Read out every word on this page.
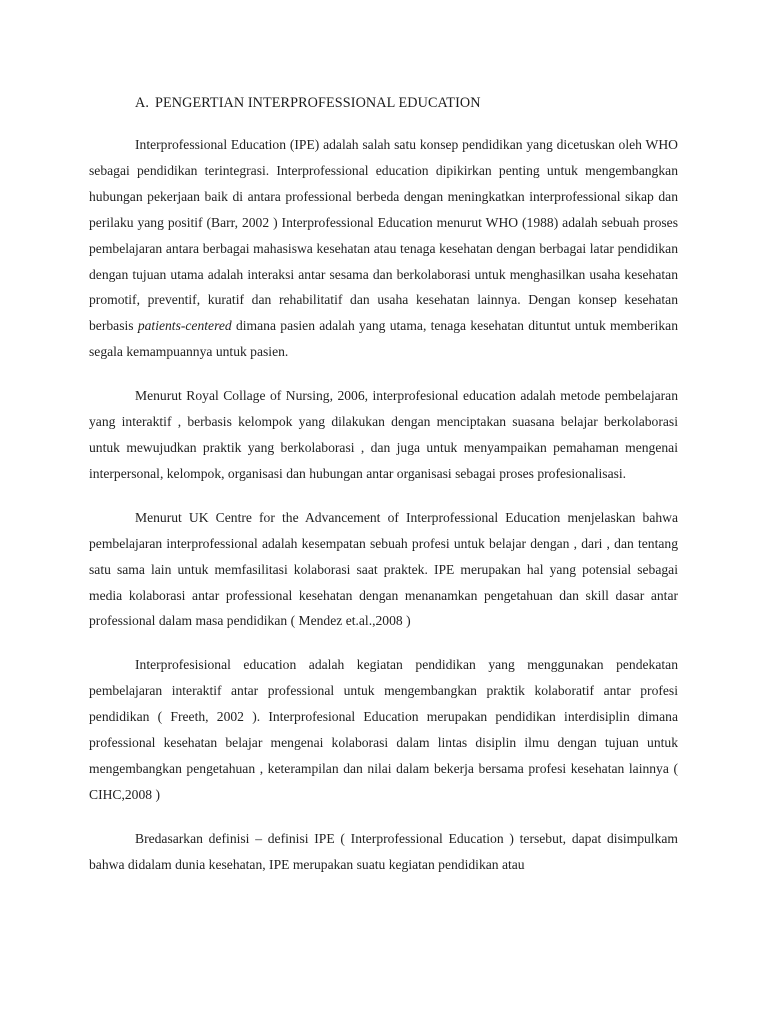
A. PENGERTIAN INTERPROFESSIONAL EDUCATION

Interprofessional Education (IPE) adalah salah satu konsep pendidikan yang dicetuskan oleh WHO sebagai pendidikan terintegrasi. Interprofessional education dipikirkan penting untuk mengembangkan hubungan pekerjaan baik di antara professional berbeda dengan meningkatkan interprofessional sikap dan perilaku yang positif (Barr, 2002 ) Interprofessional Education menurut WHO (1988) adalah sebuah proses pembelajaran antara berbagai mahasiswa kesehatan atau tenaga kesehatan dengan berbagai latar pendidikan dengan tujuan utama adalah interaksi antar sesama dan berkolaborasi untuk menghasilkan usaha kesehatan promotif, preventif, kuratif dan rehabilitatif dan usaha kesehatan lainnya. Dengan konsep kesehatan berbasis patients-centered dimana pasien adalah yang utama, tenaga kesehatan dituntut untuk memberikan segala kemampuannya untuk pasien.

Menurut Royal Collage of Nursing, 2006, interprofesional education adalah metode pembelajaran yang interaktif , berbasis kelompok yang dilakukan dengan menciptakan suasana belajar berkolaborasi untuk mewujudkan praktik yang berkolaborasi , dan juga untuk menyampaikan pemahaman mengenai interpersonal, kelompok, organisasi dan hubungan antar organisasi sebagai proses profesionalisasi.

Menurut UK Centre for the Advancement of Interprofessional Education menjelaskan bahwa pembelajaran interprofessional adalah kesempatan sebuah profesi untuk belajar dengan , dari , dan tentang satu sama lain untuk memfasilitasi kolaborasi saat praktek. IPE merupakan hal yang potensial sebagai media kolaborasi antar professional kesehatan dengan menanamkan pengetahuan dan skill dasar antar professional dalam masa pendidikan ( Mendez et.al.,2008 )

Interprofesisional education adalah kegiatan pendidikan yang menggunakan pendekatan pembelajaran interaktif antar professional untuk mengembangkan praktik kolaboratif antar profesi pendidikan ( Freeth, 2002 ). Interprofesional Education merupakan pendidikan interdisiplin dimana professional kesehatan belajar mengenai kolaborasi dalam lintas disiplin ilmu dengan tujuan untuk mengembangkan pengetahuan , keterampilan dan nilai dalam bekerja bersama profesi kesehatan lainnya ( CIHC,2008 )

Bredasarkan definisi – definisi IPE ( Interprofessional Education ) tersebut, dapat disimpulkam bahwa didalam dunia kesehatan, IPE merupakan suatu kegiatan pendidikan atau
